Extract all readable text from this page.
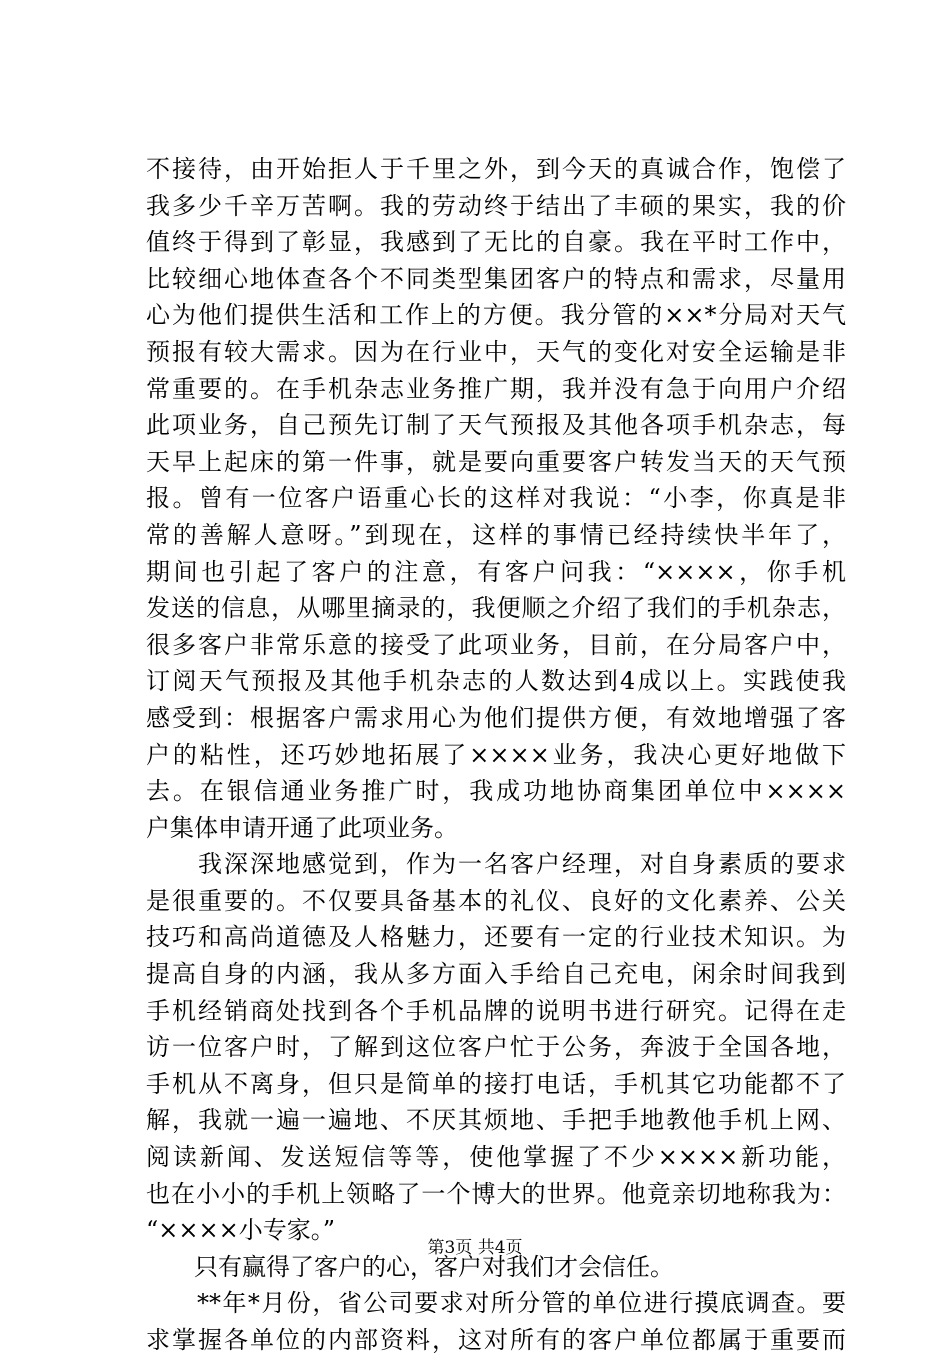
不接待，由开始拒人于千里之外，到今天的真诚合作，饱偿了
我多少千辛万苦啊。我的劳动终于结出了丰硕的果实，我的价
值终于得到了彰显，我感到了无比的自豪。我在平时工作中，
比较细心地体查各个不同类型集团客户的特点和需求，尽量用
心为他们提供生活和工作上的方便。我分管的××*分局对天气
预报有较大需求。因为在行业中，天气的变化对安全运输是非
常重要的。在手机杂志业务推广期，我并没有急于向用户介绍
此项业务，自己预先订制了天气预报及其他各项手机杂志，每
天早上起床的第一件事，就是要向重要客户转发当天的天气预
报。曾有一位客户语重心长的这样对我说：“小李，你真是非
常的善解人意呀。”到现在，这样的事情已经持续快半年了，
期间也引起了客户的注意，有客户问我：“××××，你手机
发送的信息，从哪里摘录的，我便顺之介绍了我们的手机杂志，
很多客户非常乐意的接受了此项业务，目前，在分局客户中，
订阅天气预报及其他手机杂志的人数达到4成以上。实践使我
感受到：根据客户需求用心为他们提供方便，有效地增强了客
户的粘性，还巧妙地拓展了××××业务，我决心更好地做下
去。在银信通业务推广时，我成功地协商集团单位中××××
户集体申请开通了此项业务。
　　我深深地感觉到，作为一名客户经理，对自身素质的要求
是很重要的。不仅要具备基本的礼仪、良好的文化素养、公关
技巧和高尚道德及人格魅力，还要有一定的行业技术知识。为
提高自身的内涵，我从多方面入手给自己充电，闲余时间我到
手机经销商处找到各个手机品牌的说明书进行研究。记得在走
访一位客户时，了解到这位客户忙于公务，奔波于全国各地，
手机从不离身，但只是简单的接打电话，手机其它功能都不了
解，我就一遍一遍地、不厌其烦地、手把手地教他手机上网、
阅读新闻、发送短信等等，使他掌握了不少××××新功能，
也在小小的手机上领略了一个博大的世界。他竟亲切地称我为：
“××××小专家。”
　　只有赢得了客户的心，客户对我们才会信任。
　　**年*月份，省公司要求对所分管的单位进行摸底调查。要
求掌握各单位的内部资料，这对所有的客户单位都属于重要而
第3页 共4页
